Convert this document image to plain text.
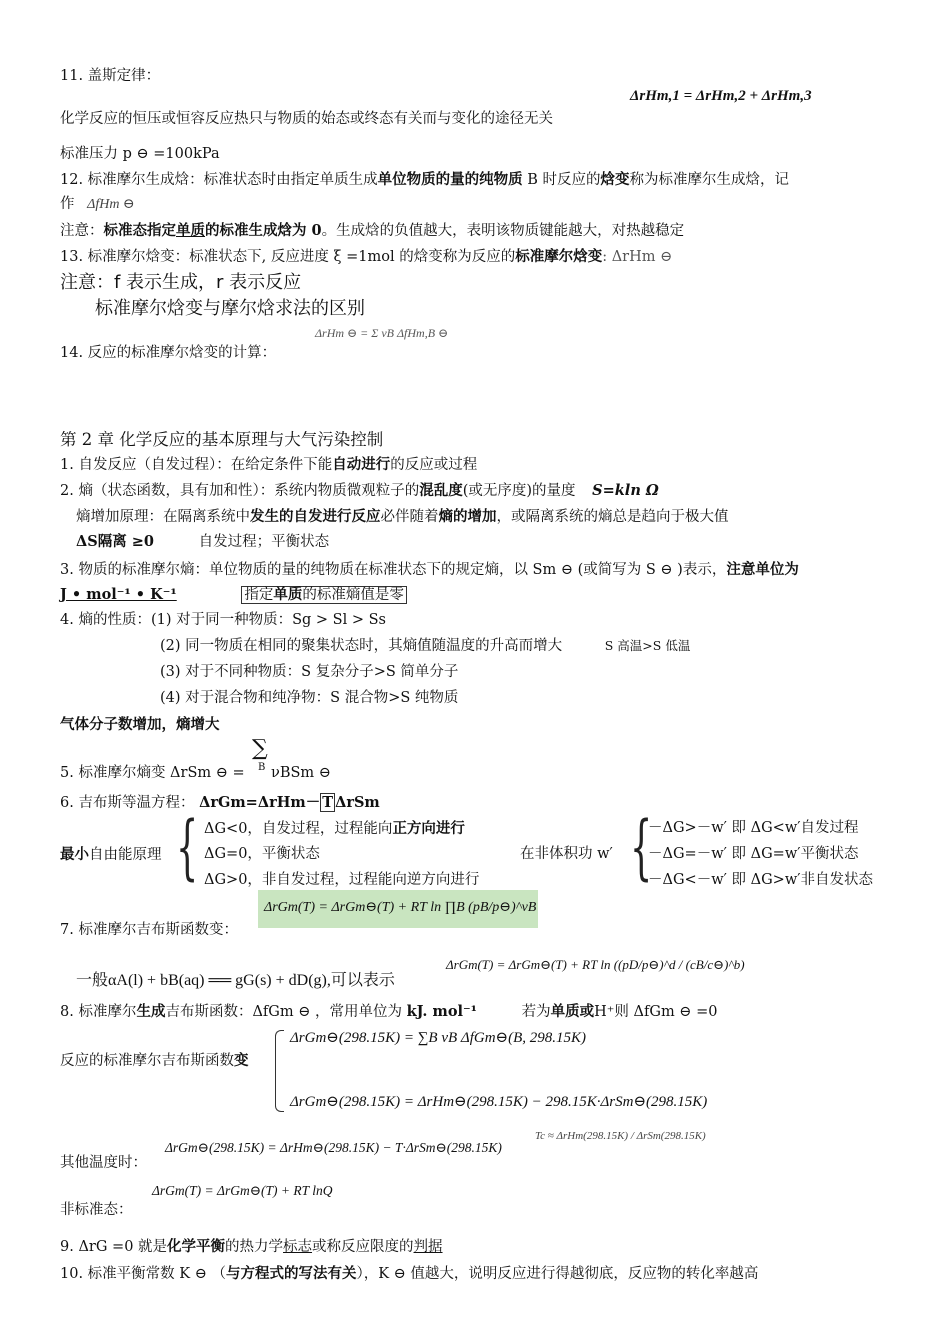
11. 盖斯定律：
ΔrHm,1 = ΔrHm,2 + ΔrHm,3
化学反应的恒压或恒容反应热只与物质的始态或终态有关而与变化的途径无关
标准压力 p ⊖ =100kPa
12. 标准摩尔生成焓：标准状态时由指定单质生成单位物质的量的纯物质 B 时反应的焓变称为标准摩尔生成焓，记
作 ΔfHm ⊖
注意：标准态指定单质的标准生成焓为 0。生成焓的负值越大，表明该物质键能越大，对热越稳定
13. 标准摩尔焓变：标准状态下, 反应进度 ξ =1mol 的焓变称为反应的标准摩尔焓变: ΔrHm ⊖
注意：f 表示生成，r 表示反应
标准摩尔焓变与摩尔焓求法的区别
14. 反应的标准摩尔焓变的计算：
ΔrHm ⊖ = Σ νB ΔfHm,B ⊖
第 2 章 化学反应的基本原理与大气污染控制
1. 自发反应（自发过程）：在给定条件下能自动进行的反应或过程
2. 熵（状态函数，具有加和性）：系统内物质微观粒子的混乱度(或无序度)的量度 S=kln Ω
熵增加原理：在隔离系统中发生的自发进行反应必伴随着熵的增加，或隔离系统的熵总是趋向于极大值
ΔS隔离 ≥0	自发过程；平衡状态
3. 物质的标准摩尔熵：单位物质的量的纯物质在标准状态下的规定熵，以 Sm ⊖ (或简写为 S ⊖ )表示，注意单位为
J • mol⁻¹ • K⁻¹	指定单质的标准熵值是零
4. 熵的性质：(1) 对于同一种物质：Sg > Sl > Ss
(2) 同一物质在相同的聚集状态时，其熵值随温度的升高而增大	S 高温>S 低温
(3) 对于不同种物质：S 复杂分子>S 简单分子
(4) 对于混合物和纯净物：S 混合物>S 纯物质
气体分子数增加，熵增大
5. 标准摩尔熵变 ΔrSm ⊖ =
∑
B νBSm ⊖
6. 吉布斯等温方程： ΔrGm=ΔrHm－ T ΔrSm
最小自由能原理 { ΔG<0，自发过程，过程能向正方向进行
ΔG=0，平衡状态
ΔG>0，非自发过程，过程能向逆方向进行
在非体积功 w′ {
－ΔG>－w′ 即 ΔG<w′自发过程
－ΔG=－w′ 即 ΔG=w′平衡状态
－ΔG<－w′ 即 ΔG>w′非自发状态
ΔrGm(T) = ΔrGm⊖(T) + RT ln ∏B (pB/p⊖)^νB
7. 标准摩尔吉布斯函数变：
ΔrGm(T) = ΔrGm⊖(T) + RT ln ((pD/p⊖)^d / (cB/c⊖)^b)
一般αA(l) + bB(aq) ══ gG(s) + dD(g),可以表示
8. 标准摩尔生成吉布斯函数：ΔfGm ⊖ ，常用单位为 kJ. mol⁻¹	若为单质或H⁺则 ΔfGm ⊖ =0
反应的标准摩尔吉布斯函数变
ΔrGm⊖(298.15K) = ∑B νB ΔfGm⊖(B, 298.15K)
ΔrGm⊖(298.15K) = ΔrHm⊖(298.15K) − 298.15K·ΔrSm⊖(298.15K)
ΔrGm⊖(298.15K) = ΔrHm⊖(298.15K) − T·ΔrSm⊖(298.15K)
Tc ≈ ΔrHm(298.15K) / ΔrSm(298.15K)
其他温度时：
ΔrGm(T) = ΔrGm⊖(T) + RT lnQ
非标准态：
9. ΔrG =0 就是化学平衡的热力学标志或称反应限度的判据
10. 标准平衡常数 K ⊖ （与方程式的写法有关），K ⊖ 值越大，说明反应进行得越彻底，反应物的转化率越高
